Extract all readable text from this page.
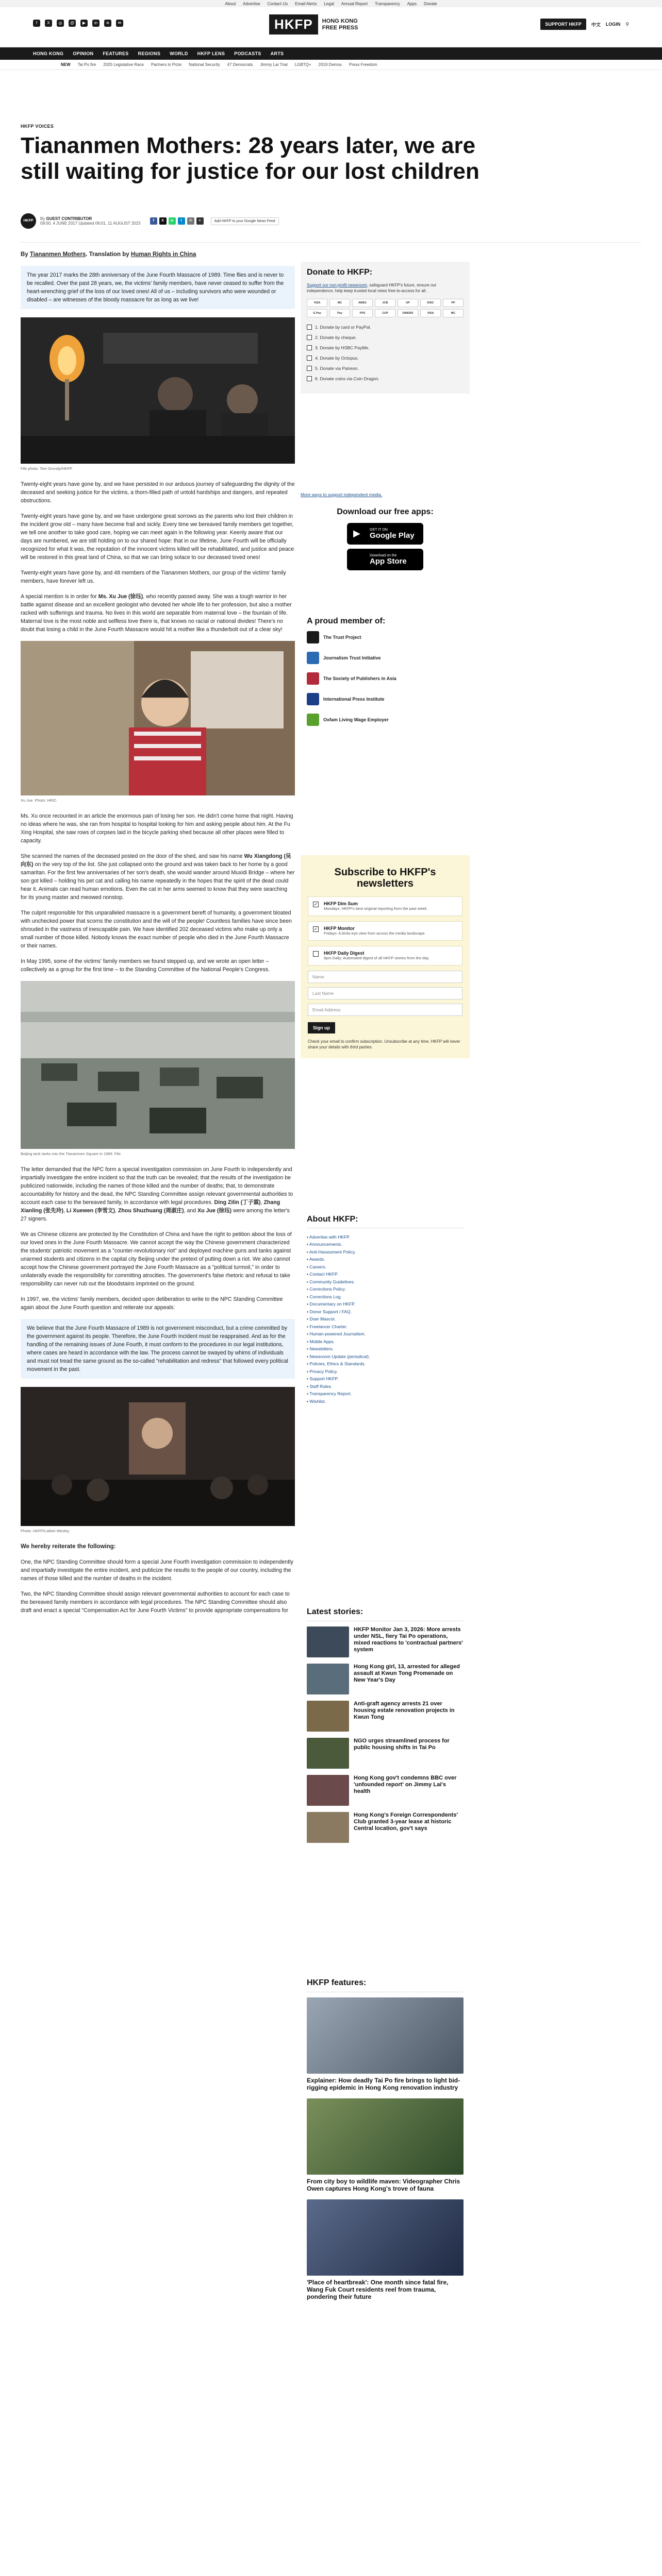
About Advertise Contact Us Email Alerts Legal Annual Report Transparency Apps Donate
f	X	◎	@	▶	in	≋	✉	HKFP	HONG KONG
FREE PRESS
SUPPORT HKFP	中文 LOGIN ⚲
HONG KONG OPINION FEATURES REGIONS WORLD HKFP LENS PODCASTS ARTS
NEW Tai Po fire 2025 Legislative Race Partners in Prize National Security 47 Democrats Jimmy Lai Trial LGBTQ+ 2019 Demos Press Freedom
HKFP VOICES
Tiananmen Mothers: 28 years later, we are still waiting for justice for our lost children
HKFP	By GUEST CONTRIBUTOR
09:00, 4 JUNE 2017 Updated 06:01, 11 AUGUST 2023
f	X	w	t	✉	+	Add HKFP to your Google News Feed

By Tiananmen Mothers. Translation by Human Rights in China

The year 2017 marks the 28th anniversary of the June Fourth Massacre of 1989. Time flies and is never to be recalled. Over the past 28 years, we, the victims' family members, have never ceased to suffer from the heart-wrenching grief of the loss of our loved ones! All of us – including survivors who were wounded or disabled – are witnesses of the bloody massacre for as long as we live!

File photo: Tom Grundy/HKFP.

Twenty-eight years have gone by, and we have persisted in our arduous journey of safeguarding the dignity of the deceased and seeking justice for the victims, a thorn-filled path of untold hardships and dangers, and repeated obstructions.

Twenty-eight years have gone by, and we have undergone great sorrows as the parents who lost their children in the incident grow old – many have become frail and sickly. Every time we bereaved family members get together, we tell one another to take good care, hoping we can meet again in the following year. Keenly aware that our days are numbered, we are still holding on to our shared hope: that in our lifetime, June Fourth will be officially recognized for what it was, the reputation of the innocent victims killed will be rehabilitated, and justice and peace will be restored in this great land of China, so that we can bring solace to our deceased loved ones!

Twenty-eight years have gone by, and 48 members of the Tiananmen Mothers, our group of the victims' family members, have forever left us.

A special mention is in order for Ms. Xu Jue (徐珏), who recently passed away. She was a tough warrior in her battle against disease and an excellent geologist who devoted her whole life to her profession, but also a mother racked with sufferings and trauma. No lives in this world are separable from maternal love – the fountain of life. Maternal love is the most noble and selfless love there is, that knows no racial or national divides! There's no doubt that losing a child in the June Fourth Massacre would hit a mother like a thunderbolt out of a clear sky!

Xu Jue. Photo: HRIC.

Ms. Xu once recounted in an article the enormous pain of losing her son. He didn't come home that night. Having no ideas where he was, she ran from hospital to hospital looking for him and asking people about him. At the Fu Xing Hospital, she saw rows of corpses laid in the bicycle parking shed because all other places were filled to capacity.

She scanned the names of the deceased posted on the door of the shed, and saw his name Wu Xiangdong (吴向东) on the very top of the list. She just collapsed onto the ground and was taken back to her home by a good samaritan. For the first few anniversaries of her son's death, she would wander around Muxidi Bridge – where her son got killed – holding his pet cat and calling his name repeatedly in the hopes that the spirit of the dead could hear it. Animals can read human emotions. Even the cat in her arms seemed to know that they were searching for its young master and meowed nonstop.

The culprit responsible for this unparalleled massacre is a government bereft of humanity, a government bloated with unchecked power that scorns the constitution and the will of the people! Countless families have since been shrouded in the vastness of inescapable pain. We have identified 202 deceased victims who make up only a small number of those killed. Nobody knows the exact number of people who died in the June Fourth Massacre or their names.

In May 1995, some of the victims' family members we found stepped up, and we wrote an open letter – collectively as a group for the first time – to the Standing Committee of the National People's Congress.

Beijing tank tanks into the Tiananmen Square in 1989. File.

The letter demanded that the NPC form a special investigation commission on June Fourth to independently and impartially investigate the entire incident so that the truth can be revealed; that the results of the investigation be publicized nationwide, including the names of those killed and the number of deaths; that, to demonstrate accountability for history and the dead, the NPC Standing Committee assign relevant governmental authorities to account each case to the bereaved family, in accordance with legal procedures. Ding Zilin (丁子霖), Zhang Xianling (张先玲), Li Xuewen (李雪文), Zhou Shuzhuang (周淑庄), and Xu Jue (徐珏) were among the letter's 27 signers.

We as Chinese citizens are protected by the Constitution of China and have the right to petition about the loss of our loved ones in the June Fourth Massacre. We cannot accept the way the Chinese government characterized the students' patriotic movement as a "counter-revolutionary riot" and deployed machine guns and tanks against unarmed students and citizens in the capital city Beijing under the pretext of putting down a riot. We also cannot accept how the Chinese government portrayed the June Fourth Massacre as a "political turmoil," in order to unilaterally evade the responsibility for committing atrocities. The government's false rhetoric and refusal to take responsibility can never rub out the bloodstains imprinted on the ground.

In 1997, we, the victims' family members, decided upon deliberation to write to the NPC Standing Committee again about the June Fourth question and reiterate our appeals:

We believe that the June Fourth Massacre of 1989 is not government misconduct, but a crime committed by the government against its people. Therefore, the June Fourth Incident must be reappraised. And as for the handling of the remaining issues of June Fourth, it must conform to the procedures in our legal institutions, where cases are heard in accordance with the law. The process cannot be swayed by whims of individuals and must not tread the same ground as the so-called "rehabilitation and redress" that followed every political movement in the past.

Photo: HKFP/Lakkei Wesley.

We hereby reiterate the following:

One, the NPC Standing Committee should form a special June Fourth investigation commission to independently and impartially investigate the entire incident, and publicize the results to the people of our country, including the names of those killed and the number of deaths in the incident.

Two, the NPC Standing Committee should assign relevant governmental authorities to account for each case to the bereaved family members in accordance with legal procedures. The NPC Standing Committee should also draft and enact a special "Compensation Act for June Fourth Victims" to provide appropriate compensations for

Donate to HKFP:
Support our non-profit newsroom, safeguard HKFP's future, ensure our independence, help keep trusted local news free-to-access for all.
VISA	MC	AMEX	JCB	UP	DISC	PP
G Pay	Pay	FPS	CUP	DINERS	VISA	MC
1. Donate by card or PayPal.
2. Donate by cheque.
3. Donate by HSBC PayMe.
4. Donate by Octopus.
5. Donate via Patreon.
6. Donate coins via Coin Dragon.
More ways to support independent media.
Download our free apps:
▶	GET IT ON
Google Play
Download on the
App Store
A proud member of:
The Trust Project
Journalism Trust Initiative
The Society of Publishers in Asia
International Press Institute
Oxfam Living Wage Employer
Subscribe to HKFP's newsletters
✓ HKFP Dim Sum
Mondays: HKFP's best original reporting from the past week.
✓ HKFP Monitor
Fridays: A birds-eye view from across the media landscape.
HKFP Daily Digest
9pm Daily: Automated digest of all HKFP stories from the day.
Name
Last Name
Email Address
Sign up
Check your email to confirm subscription. Unsubscribe at any time. HKFP will never share your details with third parties.
About HKFP:
• Advertise with HKFP.
• Announcements.
• Anti-Harassment Policy.
• Awards.
• Careers.
• Contact HKFP.
• Community Guidelines.
• Corrections Policy.
• Corrections Log.
• Documentary on HKFP.
• Donor Support / FAQ.
• Doer Mascot.
• Freelancer Charter.
• Human-powered Journalism.
• Mobile Apps.
• Newsletters.
• Newsroom Update (periodical).
• Policies, Ethics & Standards.
• Privacy Policy.
• Support HKFP.
• Staff Roles.
• Transparency Report.
• Wishlist.
Latest stories:
HKFP Monitor Jan 3, 2026: More arrests under NSL, fiery Tai Po operations, mixed reactions to 'contractual partners' system
Hong Kong girl, 13, arrested for alleged assault at Kwun Tong Promenade on New Year's Day
Anti-graft agency arrests 21 over housing estate renovation projects in Kwun Tong
NGO urges streamlined process for public housing shifts in Tai Po
Hong Kong gov't condemns BBC over 'unfounded report' on Jimmy Lai's health
Hong Kong's Foreign Correspondents' Club granted 3-year lease at historic Central location, gov't says
HKFP features:
Explainer: How deadly Tai Po fire brings to light bid-rigging epidemic in Hong Kong renovation industry
From city boy to wildlife maven: Videographer Chris Owen captures Hong Kong's trove of fauna
'Place of heartbreak': One month since fatal fire, Wang Fuk Court residents reel from trauma, pondering their future
